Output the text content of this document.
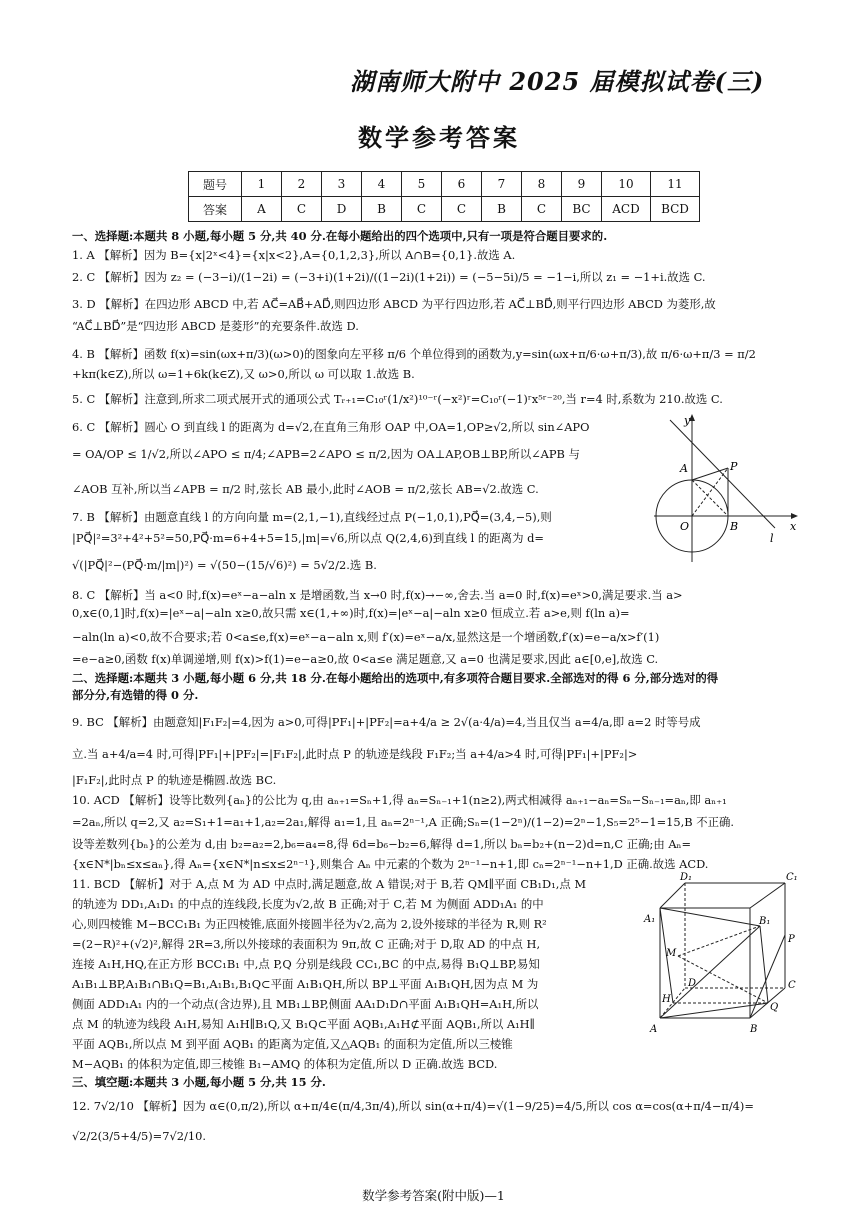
湖南师大附中 2025 届模拟试卷(三)
数学参考答案
题号	1	2	3	4	5	6	7	8	9	10	11
答案	A	C	D	B	C	C	B	C	BC	ACD	BCD
一、选择题:本题共 8 小题,每小题 5 分,共 40 分.在每小题给出的四个选项中,只有一项是符合题目要求的.
1. A 【解析】因为 B={x|2ˣ<4}={x|x<2},A={0,1,2,3},所以 A∩B={0,1}.故选 A.
2. C 【解析】因为 z₂ = (−3−i)/(1−2i) = (−3+i)(1+2i)/((1−2i)(1+2i)) = (−5−5i)/5 = −1−i,所以 z₁ = −1+i.故选 C.
3. D 【解析】在四边形 ABCD 中,若 AC⃗=AB⃗+AD⃗,则四边形 ABCD 为平行四边形,若 AC⃗⊥BD⃗,则平行四边形 ABCD 为菱形,故
“AC⃗⊥BD⃗”是“四边形 ABCD 是菱形”的充要条件.故选 D.
4. B 【解析】函数 f(x)=sin(ωx+π/3)(ω>0)的图象向左平移 π/6 个单位得到的函数为,y=sin(ωx+π/6·ω+π/3),故 π/6·ω+π/3 = π/2
+kπ(k∈Z),所以 ω=1+6k(k∈Z),又 ω>0,所以 ω 可以取 1.故选 B.
5. C 【解析】注意到,所求二项式展开式的通项公式 Tᵣ₊₁=C₁₀ʳ(1/x²)¹⁰⁻ʳ(−x²)ʳ=C₁₀ʳ(−1)ʳx⁵ʳ⁻²⁰,当 r=4 时,系数为 210.故选 C.
6. C 【解析】圆心 O 到直线 l 的距离为 d=√2,在直角三角形 OAP 中,OA=1,OP≥√2,所以 sin∠APO
= OA/OP ≤ 1/√2,所以∠APO ≤ π/4;∠APB=2∠APO ≤ π/2,因为 OA⊥AP,OB⊥BP,所以∠APB 与
∠AOB 互补,所以当∠APB = π/2 时,弦长 AB 最小,此时∠AOB = π/2,弦长 AB=√2.故选 C.
7. B 【解析】由题意直线 l 的方向向量 m=(2,1,−1),直线经过点 P(−1,0,1),PQ⃗=(3,4,−5),则
|PQ⃗|²=3²+4²+5²=50,PQ⃗·m=6+4+5=15,|m|=√6,所以点 Q(2,4,6)到直线 l 的距离为 d=
√(|PQ⃗|²−(PQ⃗·m/|m|)²) = √(50−(15/√6)²) = 5√2/2.选 B.
8. C 【解析】当 a<0 时,f(x)=eˣ−a−aln x 是增函数,当 x→0 时,f(x)→−∞,舍去.当 a=0 时,f(x)=eˣ>0,满足要求.当 a>
0,x∈(0,1]时,f(x)=|eˣ−a|−aln x≥0,故只需 x∈(1,+∞)时,f(x)=|eˣ−a|−aln x≥0 恒成立.若 a>e,则 f(ln a)=
−aln(ln a)<0,故不合要求;若 0<a≤e,f(x)=eˣ−a−aln x,则 f′(x)=eˣ−a/x,显然这是一个增函数,f′(x)=e−a/x>f′(1)
=e−a≥0,函数 f(x)单调递增,则 f(x)>f(1)=e−a≥0,故 0<a≤e 满足题意,又 a=0 也满足要求,因此 a∈[0,e],故选 C.
二、选择题:本题共 3 小题,每小题 6 分,共 18 分.在每小题给出的选项中,有多项符合题目要求.全部选对的得 6 分,部分选对的得
部分分,有选错的得 0 分.
9. BC 【解析】由题意知|F₁F₂|=4,因为 a>0,可得|PF₁|+|PF₂|=a+4/a ≥ 2√(a·4/a)=4,当且仅当 a=4/a,即 a=2 时等号成
立.当 a+4/a=4 时,可得|PF₁|+|PF₂|=|F₁F₂|,此时点 P 的轨迹是线段 F₁F₂;当 a+4/a>4 时,可得|PF₁|+|PF₂|>
|F₁F₂|,此时点 P 的轨迹是椭圆.故选 BC.
10. ACD 【解析】设等比数列{aₙ}的公比为 q,由 aₙ₊₁=Sₙ+1,得 aₙ=Sₙ₋₁+1(n≥2),两式相减得 aₙ₊₁−aₙ=Sₙ−Sₙ₋₁=aₙ,即 aₙ₊₁
=2aₙ,所以 q=2,又 a₂=S₁+1=a₁+1,a₂=2a₁,解得 a₁=1,且 aₙ=2ⁿ⁻¹,A 正确;Sₙ=(1−2ⁿ)/(1−2)=2ⁿ−1,S₅=2⁵−1=15,B 不正确.
设等差数列{bₙ}的公差为 d,由 b₂=a₂=2,b₆=a₄=8,得 6d=b₆−b₂=6,解得 d=1,所以 bₙ=b₂+(n−2)d=n,C 正确;由 Aₙ=
{x∈N*|bₙ≤x≤aₙ},得 Aₙ={x∈N*|n≤x≤2ⁿ⁻¹},则集合 Aₙ 中元素的个数为 2ⁿ⁻¹−n+1,即 cₙ=2ⁿ⁻¹−n+1,D 正确.故选 ACD.
11. BCD 【解析】对于 A,点 M 为 AD 中点时,满足题意,故 A 错误;对于 B,若 QM∥平面 CB₁D₁,点 M
的轨迹为 DD₁,A₁D₁ 的中点的连线段,长度为√2,故 B 正确;对于 C,若 M 为侧面 ADD₁A₁ 的中
心,则四棱锥 M−BCC₁B₁ 为正四棱锥,底面外接圆半径为√2,高为 2,设外接球的半径为 R,则 R²
=(2−R)²+(√2)²,解得 2R=3,所以外接球的表面积为 9π,故 C 正确;对于 D,取 AD 的中点 H,
连接 A₁H,HQ,在正方形 BCC₁B₁ 中,点 P,Q 分别是线段 CC₁,BC 的中点,易得 B₁Q⊥BP,易知
A₁B₁⊥BP,A₁B₁∩B₁Q=B₁,A₁B₁,B₁Q⊂平面 A₁B₁QH,所以 BP⊥平面 A₁B₁QH,因为点 M 为
侧面 ADD₁A₁ 内的一个动点(含边界),且 MB₁⊥BP,侧面 AA₁D₁D∩平面 A₁B₁QH=A₁H,所以
点 M 的轨迹为线段 A₁H,易知 A₁H∥B₁Q,又 B₁Q⊂平面 AQB₁,A₁H⊄平面 AQB₁,所以 A₁H∥
平面 AQB₁,所以点 M 到平面 AQB₁ 的距离为定值,又△AQB₁ 的面积为定值,所以三棱锥
M−AQB₁ 的体积为定值,即三棱锥 B₁−AMQ 的体积为定值,所以 D 正确.故选 BCD.
三、填空题:本题共 3 小题,每小题 5 分,共 15 分.
12. 7√2/10 【解析】因为 α∈(0,π/2),所以 α+π/4∈(π/4,3π/4),所以 sin(α+π/4)=√(1−9/25)=4/5,所以 cos α=cos(α+π/4−π/4)=
√2/2(3/5+4/5)=7√2/10.
y
A	P
O	B	x
l
D₁	C₁
A₁	B₁
M
P
D
H
C
Q
A	B
数学参考答案(附中版)—1
